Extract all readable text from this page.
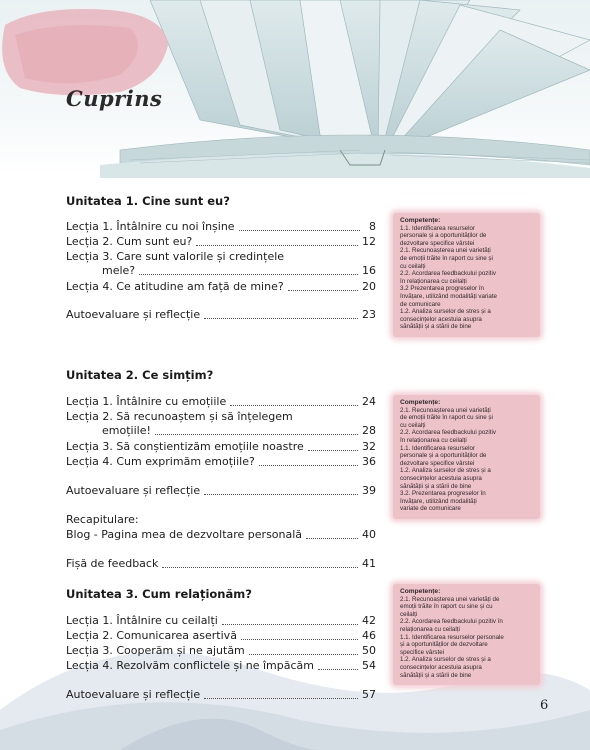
Cuprins
Unitatea 1. Cine sunt eu?
Lecția 1. Întâlnire cu noi înșine	8
Lecția 2. Cum sunt eu?	12
Lecția 3. Care sunt valorile și credințele
mele?	16
Lecția 4. Ce atitudine am față de mine?	20
Autoevaluare și reflecție	23
Unitatea 2. Ce simțim?
Lecția 1. Întâlnire cu emoțiile	24
Lecția 2. Să recunoaștem și să înțelegem
emoțiile!	28
Lecția 3. Să conștientizăm emoțiile noastre	32
Lecția 4. Cum exprimăm emoțiile?	36
Autoevaluare și reflecție	39
Recapitulare:
Blog - Pagina mea de dezvoltare personală	40
Fișă de feedback	41
Unitatea 3. Cum relaționăm?
Lecția 1. Întâlnire cu ceilalți	42
Lecția 2. Comunicarea asertivă	46
Lecția 3. Cooperăm și ne ajutăm	50
Lecția 4. Rezolvăm conflictele și ne împăcăm	54
Autoevaluare și reflecție	57
Competențe:
1.1. Identificarea resurselor
personale și a oportunităților de
dezvoltare specifice vârstei
2.1. Recunoașterea unei varietăți
de emoții trăite în raport cu sine și
cu ceilalți
2.2. Acordarea feedbackului pozitiv
în relaționarea cu ceilalți
3.2 Prezentarea progreselor în
învățare, utilizând modalități variate
de comunicare
1.2. Analiza surselor de stres și a
consecințelor acestuia asupra
sănătății și a stării de bine
Competențe:
2.1. Recunoașterea unei varietăți
de emoții trăite în raport cu sine și
cu ceilalți
2.2. Acordarea feedbackului pozitiv
în relaționarea cu ceilalți
1.1. Identificarea resurselor
personale și a oportunităților de
dezvoltare specifice vârstei
1.2. Analiza surselor de stres și a
consecințelor acestuia asupra
sănătății și a stării de bine
3.2. Prezentarea progreselor în
învățare, utilizând modalități
variate de comunicare
Competențe:
2.1. Recunoașterea unei varietăți de
emoții trăite în raport cu sine și cu
ceilalți
2.2. Acordarea feedbackului pozitiv în
relaționarea cu ceilalți
1.1. Identificarea resurselor personale
și a oportunităților de dezvoltare
specifice vârstei
1.2. Analiza surselor de stres și a
consecințelor acestuia asupra
sănătății și a stării de bine
6
